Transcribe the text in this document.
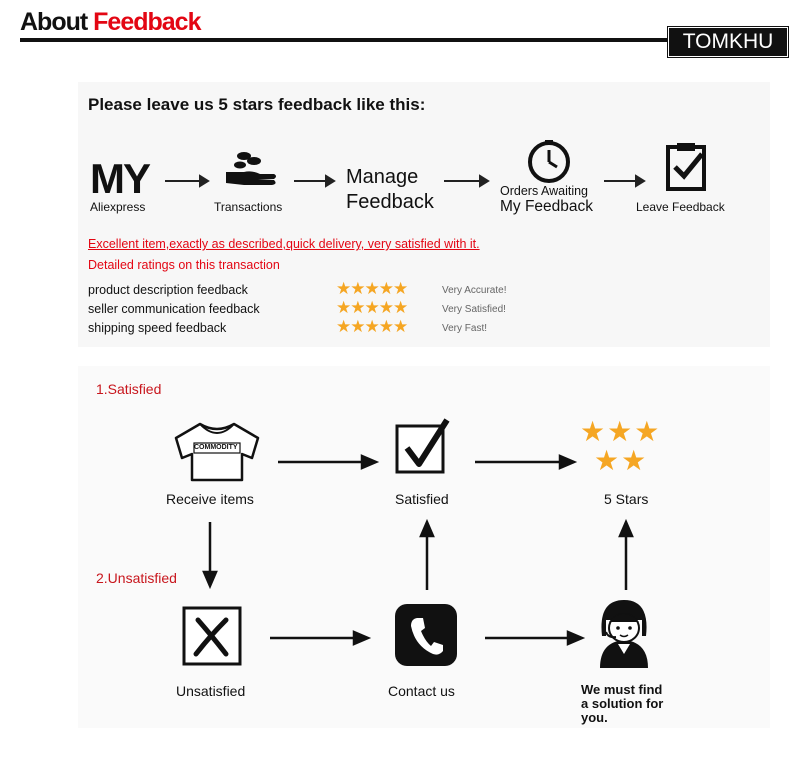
About Feedback
TOMKHU
Please leave us 5 stars feedback like this:
MY
Aliexpress	Transactions
Manage
Feedback	Orders Awaiting
My Feedback	Leave Feedback
Excellent item,exactly as described,quick delivery, very satisfied with it.
Detailed ratings on this transaction
product description feedback	★★★★★	Very Accurate!
seller communication feedback	★★★★★	Very Satisfied!
shipping speed feedback	★★★★★	Very Fast!
1.Satisfied
2.Unsatisfied
COMMODITY
Receive items	Satisfied
★★★
★★
5 Stars
Unsatisfied	Contact us	We must find
a solution for
you.
